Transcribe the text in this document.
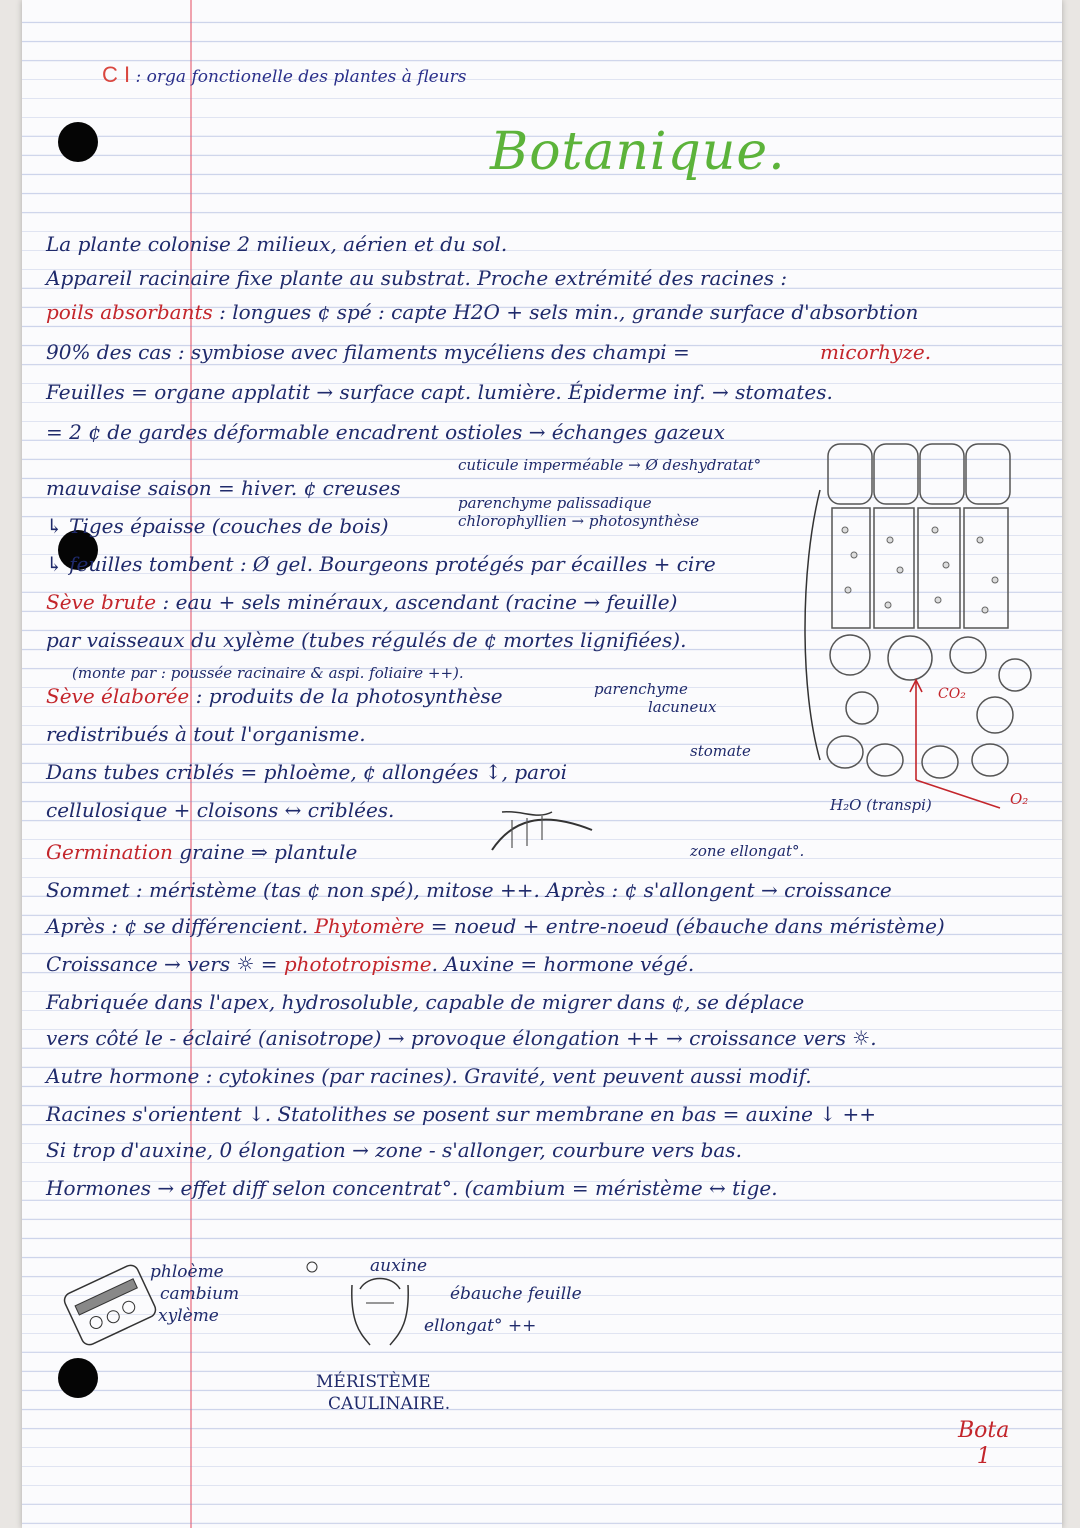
C I : orga fonctionelle des plantes à fleurs
Botanique.
La plante colonise 2 milieux, aérien et du sol.
Appareil racinaire fixe plante au substrat. Proche extrémité des racines :
poils absorbants : longues ¢ spé : capte H2O + sels min., grande surface d'absorbtion
90% des cas : symbiose avec filaments mycéliens des champi =
Feuilles = organe applatit → surface capt. lumière. Épiderme inf. → stomates.
= 2 ¢ de gardes déformable encadrent ostioles → échanges gazeux
mauvaise saison = hiver. ¢ creuses
↳ Tiges épaisse (couches de bois)
↳ feuilles tombent : Ø gel. Bourgeons protégés par écailles + cire
Sève brute : eau + sels minéraux, ascendant (racine → feuille)
par vaisseaux du xylème (tubes régulés de ¢ mortes lignifiées).
Sève élaborée : produits de la photosynthèse
redistribués à tout l'organisme.
Dans tubes criblés = phloème, ¢ allongées ↕, paroi
cellulosique + cloisons ↔ criblées.
Germination graine ⇒ plantule
Sommet : méristème (tas ¢ non spé), mitose ++. Après : ¢ s'allongent → croissance
Après : ¢ se différencient. Phytomère = noeud + entre-noeud (ébauche dans méristème)
Croissance → vers ☼ = phototropisme. Auxine = hormone végé.
Fabriquée dans l'apex, hydrosoluble, capable de migrer dans ¢, se déplace
vers côté le - éclairé (anisotrope) → provoque élongation ++ → croissance vers ☼.
Autre hormone : cytokines (par racines). Gravité, vent peuvent aussi modif.
Racines s'orientent ↓. Statolithes se posent sur membrane en bas = auxine ↓ ++
Si trop d'auxine, 0 élongation → zone - s'allonger, courbure vers bas.
Hormones → effet diff selon concentrat°. (cambium = méristème ↔ tige.
micorhyze.
cuticule imperméable → Ø deshydratat°
parenchyme palissadique
chlorophyllien → photosynthèse
(monte par : poussée racinaire & aspi. foliaire ++).
parenchyme
lacuneux
stomate
zone ellongat°.
CO₂
H₂O (transpi)	O₂
phloème
cambium
xylème
auxine
ébauche feuille
ellongat° ++
MÉRISTÈME
CAULINAIRE.
Bota
1
